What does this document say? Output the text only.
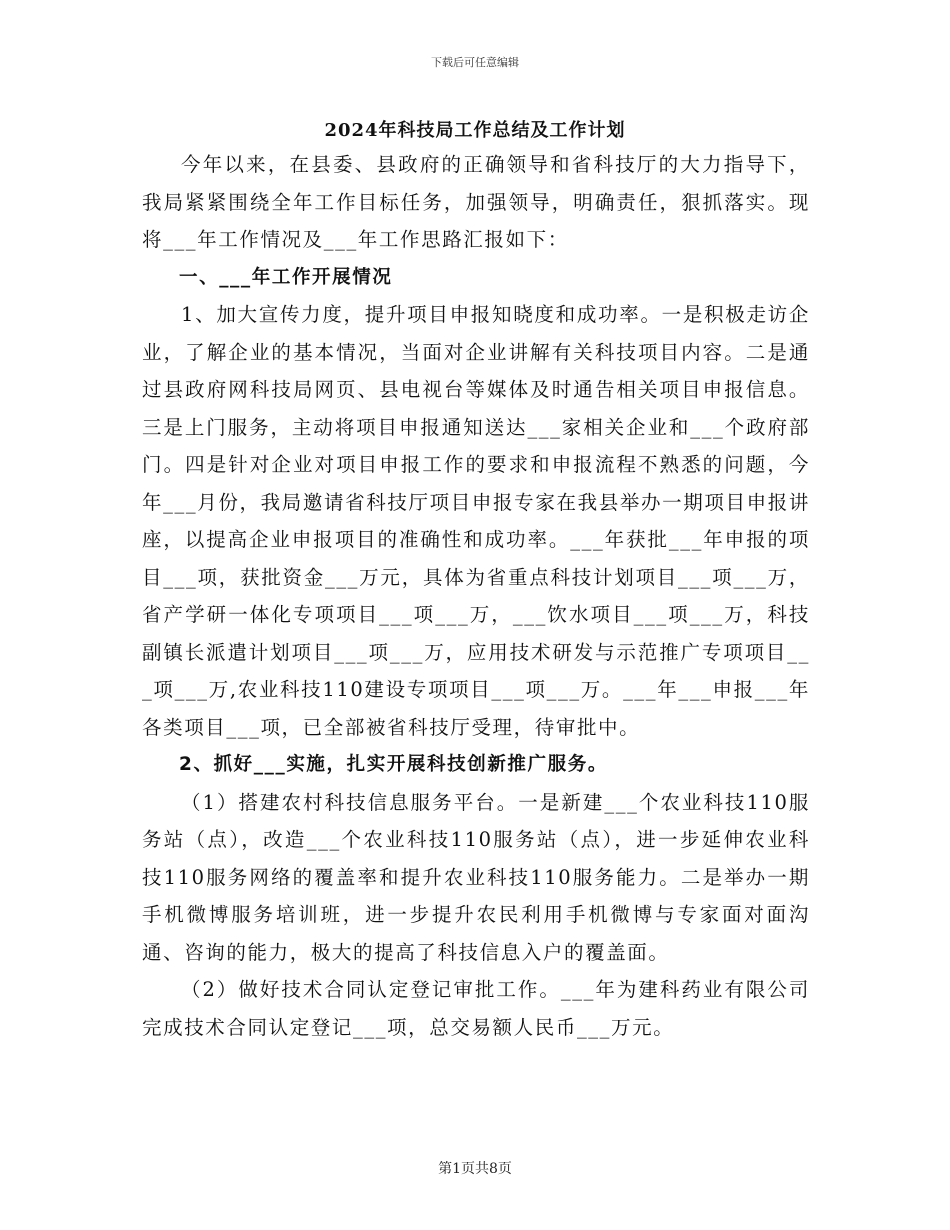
下载后可任意编辑
2024年科技局工作总结及工作计划

今年以来，在县委、县政府的正确领导和省科技厅的大力指导下，我局紧紧围绕全年工作目标任务，加强领导，明确责任，狠抓落实。现将___年工作情况及___年工作思路汇报如下：

一、___年工作开展情况

1、加大宣传力度，提升项目申报知晓度和成功率。一是积极走访企业，了解企业的基本情况，当面对企业讲解有关科技项目内容。二是通过县政府网科技局网页、县电视台等媒体及时通告相关项目申报信息。三是上门服务，主动将项目申报通知送达___家相关企业和___个政府部门。四是针对企业对项目申报工作的要求和申报流程不熟悉的问题，今年___月份，我局邀请省科技厅项目申报专家在我县举办一期项目申报讲座，以提高企业申报项目的准确性和成功率。___年获批___年申报的项目___项，获批资金___万元，具体为省重点科技计划项目___项___万，省产学研一体化专项项目___项___万，___饮水项目___项___万，科技副镇长派遣计划项目___项___万，应用技术研发与示范推广专项项目___项___万,农业科技110建设专项项目___项___万。___年___申报___年各类项目___项，已全部被省科技厅受理，待审批中。

2、抓好___实施，扎实开展科技创新推广服务。

（1）搭建农村科技信息服务平台。一是新建___个农业科技110服务站（点），改造___个农业科技110服务站（点），进一步延伸农业科技110服务网络的覆盖率和提升农业科技110服务能力。二是举办一期手机微博服务培训班，进一步提升农民利用手机微博与专家面对面沟通、咨询的能力，极大的提高了科技信息入户的覆盖面。

（2）做好技术合同认定登记审批工作。___年为建科药业有限公司完成技术合同认定登记___项，总交易额人民币___万元。

第1页共8页
